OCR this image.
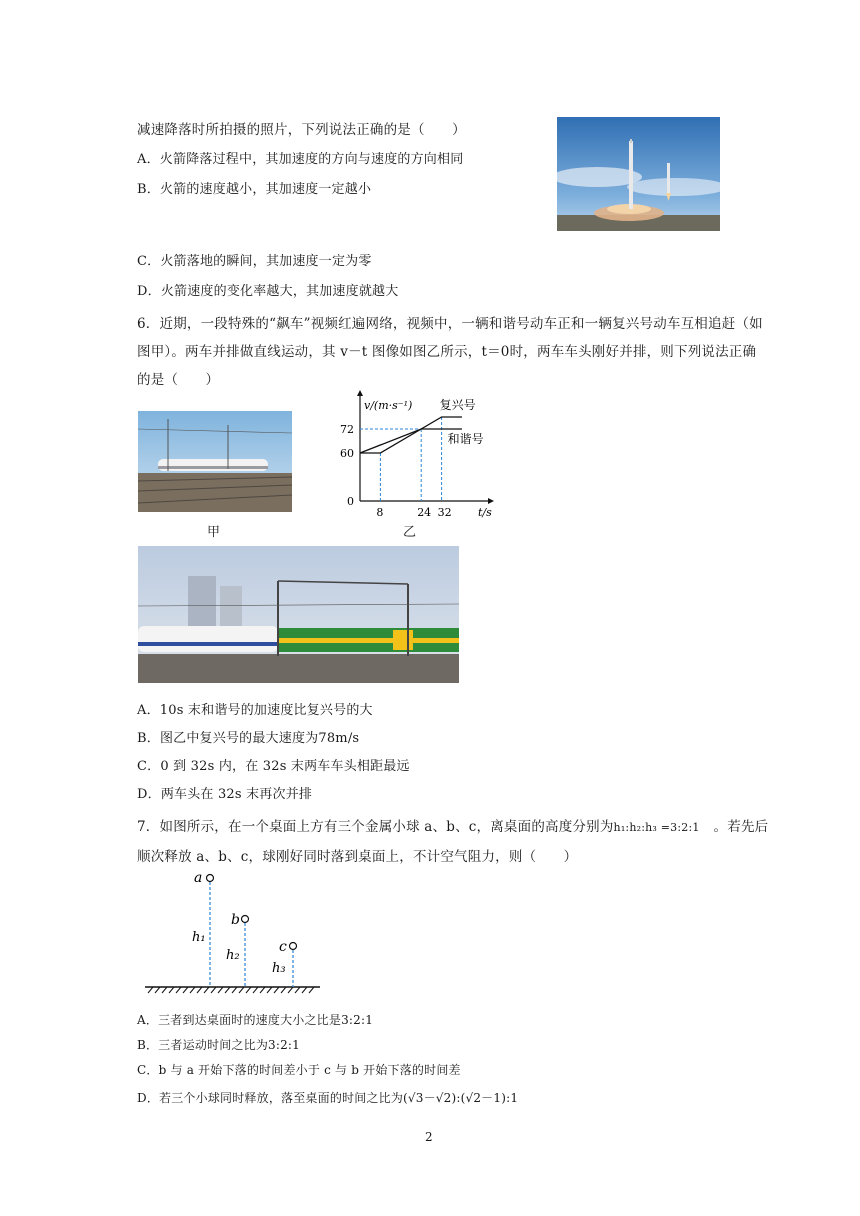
减速降落时所拍摄的照片，下列说法正确的是（　　）
A．火箭降落过程中，其加速度的方向与速度的方向相同
B．火箭的速度越小，其加速度一定越小
C．火箭落地的瞬间，其加速度一定为零
D．火箭速度的变化率越大，其加速度就越大
6．近期，一段特殊的“飙车”视频红遍网络，视频中，一辆和谐号动车正和一辆复兴号动车互相追赶（如
图甲）。两车并排做直线运动，其 v－t 图像如图乙所示，t＝0时，两车车头刚好并排，则下列说法正确
的是（　　）
甲
v/(m·s⁻¹)
t/s
0
60
72
8	24 32
复兴号
和谐号
乙
A．10s 末和谐号的加速度比复兴号的大
B．图乙中复兴号的最大速度为78m/s
C．0 到 32s 内，在 32s 末两车车头相距最远
D．两车头在 32s 末再次并排
7．如图所示，在一个桌面上方有三个金属小球 a、b、c，离桌面的高度分别为h₁:h₂:h₃ =3:2:1 。若先后
顺次释放 a、b、c，球刚好同时落到桌面上，不计空气阻力，则（　　）
a
b
c
h₁
h₂
h₃
A．三者到达桌面时的速度大小之比是3:2:1
B．三者运动时间之比为3:2:1
C．b 与 a 开始下落的时间差小于 c 与 b 开始下落的时间差
D．若三个小球同时释放，落至桌面的时间之比为(√3－√2):(√2－1):1
2
